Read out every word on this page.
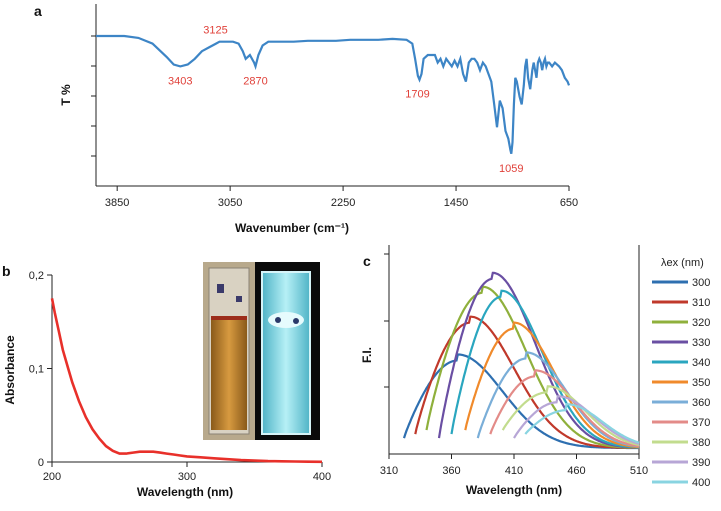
a
T %
3850	3050	2250	1450	650
Wavenumber (cm⁻¹)
3403
3125
2870
1709
1059
b
0
0,1
0,2
200	300	400
Absorbance
Wavelength (nm)
c
310	360	410	460	510
F.I.
Wavelength (nm)
λex (nm)
300
310
320
330
340
350
360
370
380
390
400
